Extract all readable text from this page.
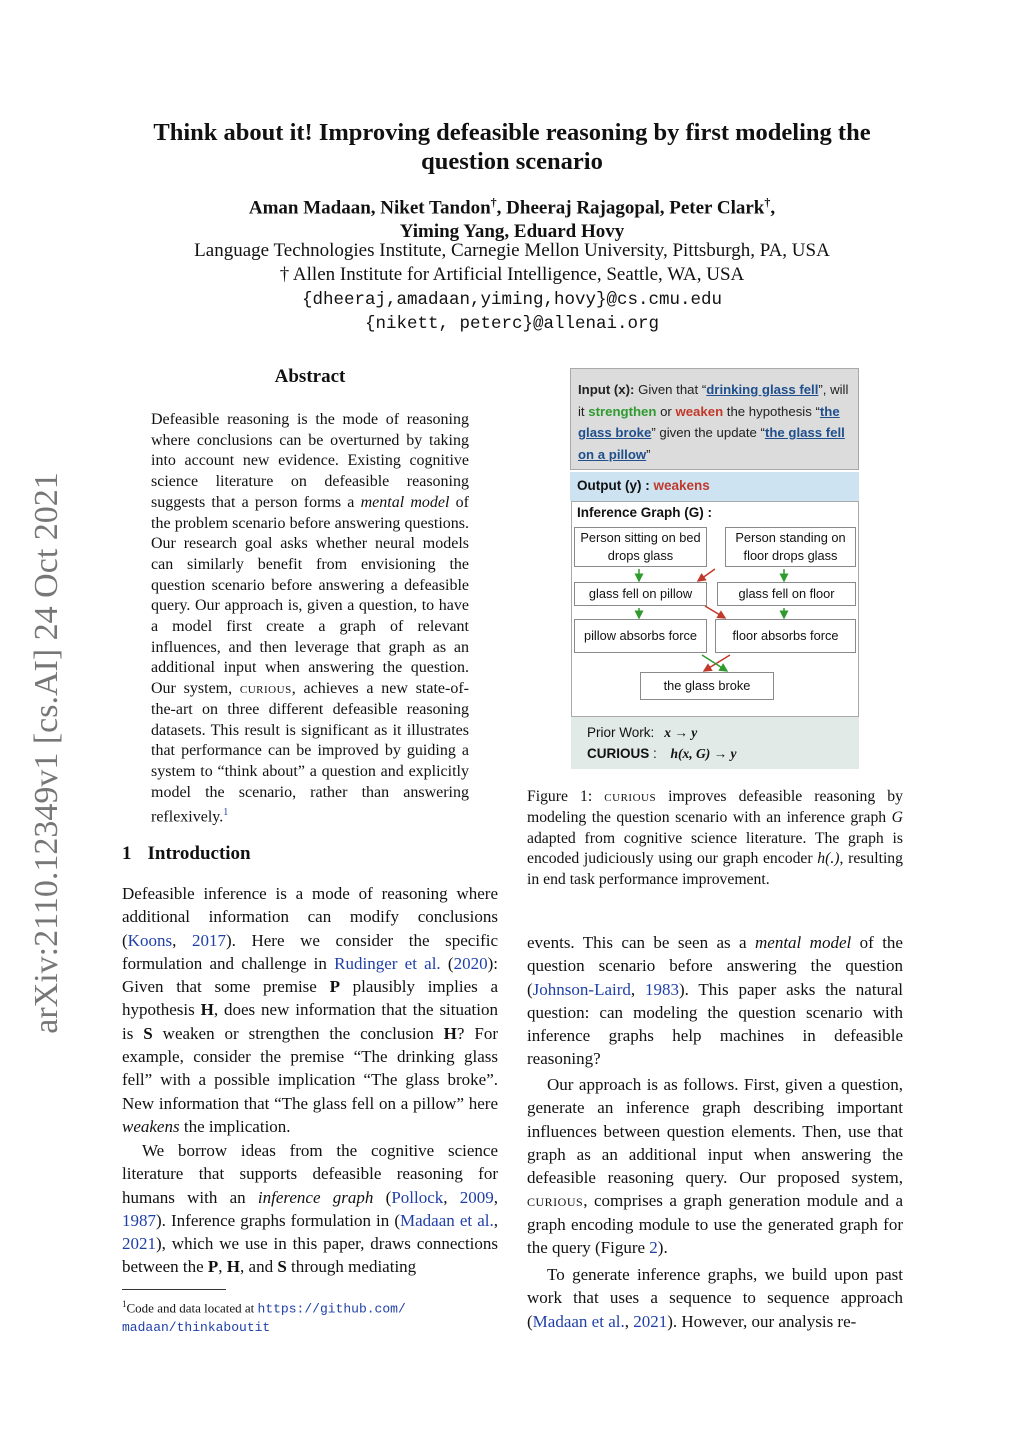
arXiv:2110.12349v1 [cs.AI] 24 Oct 2021
Think about it! Improving defeasible reasoning by first modeling the
question scenario
Aman Madaan, Niket Tandon†, Dheeraj Rajagopal, Peter Clark†,
Yiming Yang, Eduard Hovy
Language Technologies Institute, Carnegie Mellon University, Pittsburgh, PA, USA
† Allen Institute for Artificial Intelligence, Seattle, WA, USA
{dheeraj,amadaan,yiming,hovy}@cs.cmu.edu
{nikett, peterc}@allenai.org
Abstract
Defeasible reasoning is the mode of reasoning where conclusions can be overturned by taking into account new evidence. Existing cognitive science literature on defeasible reasoning suggests that a person forms a mental model of the problem scenario before answering questions. Our research goal asks whether neural models can similarly benefit from envisioning the question scenario before answering a defeasible query. Our approach is, given a question, to have a model first create a graph of relevant influences, and then leverage that graph as an additional input when answering the question. Our system, curious, achieves a new state-of-the-art on three different defeasible reasoning datasets. This result is significant as it illustrates that performance can be improved by guiding a system to “think about” a question and explicitly model the scenario, rather than answering reflexively.$^1$
1 Introduction
Defeasible inference is a mode of reasoning where additional information can modify conclusions (Koons, 2017). Here we consider the specific formulation and challenge in Rudinger et al. (2020): Given that some premise P plausibly implies a hypothesis H, does new information that the situation is S weaken or strengthen the conclusion H? For example, consider the premise “The drinking glass fell” with a possible implication “The glass broke”. New information that “The glass fell on a pillow” here weakens the implication.
We borrow ideas from the cognitive science literature that supports defeasible reasoning for humans with an inference graph (Pollock, 2009, 1987). Inference graphs formulation in (Madaan et al., 2021), which we use in this paper, draws connections between the P, H, and S through mediating
$^1$Code and data located at https://github.com/
madaan/thinkaboutit
events. This can be seen as a mental model of the question scenario before answering the question (Johnson-Laird, 1983). This paper asks the natural question: can modeling the question scenario with inference graphs help machines in defeasible reasoning?
Our approach is as follows. First, given a question, generate an inference graph describing important influences between question elements. Then, use that graph as an additional input when answering the defeasible reasoning query. Our proposed system, curious, comprises a graph generation module and a graph encoding module to use the generated graph for the query (Figure 2).
To generate inference graphs, we build upon past work that uses a sequence to sequence approach (Madaan et al., 2021). However, our analysis re-
Input (x): Given that “drinking glass fell”, will it strengthen or weaken the hypothesis “the glass broke” given the update “the glass fell on a pillow”
Output (y) : weakens
Inference Graph (G) :
Person sitting on bed drops glass
Person standing on floor drops glass
glass fell on pillow	glass fell on floor
pillow absorbs force	floor absorbs force
the glass broke
Prior Work: x → y
CURIOUS : h(x, G) → y
Figure 1: curious improves defeasible reasoning by modeling the question scenario with an inference graph G adapted from cognitive science literature. The graph is encoded judiciously using our graph encoder h(.), resulting in end task performance improvement.
